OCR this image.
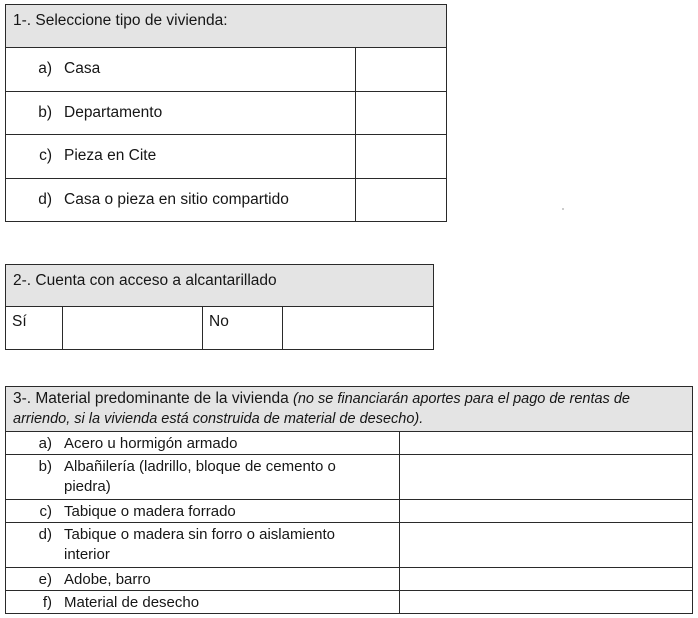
1-. Seleccione tipo de vivienda:
a) Casa	
b) Departamento	
c) Pieza en Cite	
d) Casa o pieza en sitio compartido	
2-. Cuenta con acceso a alcantarillado
Sí		No	
3-. Material predominante de la vivienda (no se financiarán aportes para el pago de rentas de arriendo, si la vivienda está construida de material de desecho).
a) Acero u hormigón armado	

b) Albañilería (ladrillo, bloque de cemento o piedra)	

c) Tabique o madera forrado	

d) Tabique o madera sin forro o aislamiento interior	

e) Adobe, barro	

f) Material de desecho	
